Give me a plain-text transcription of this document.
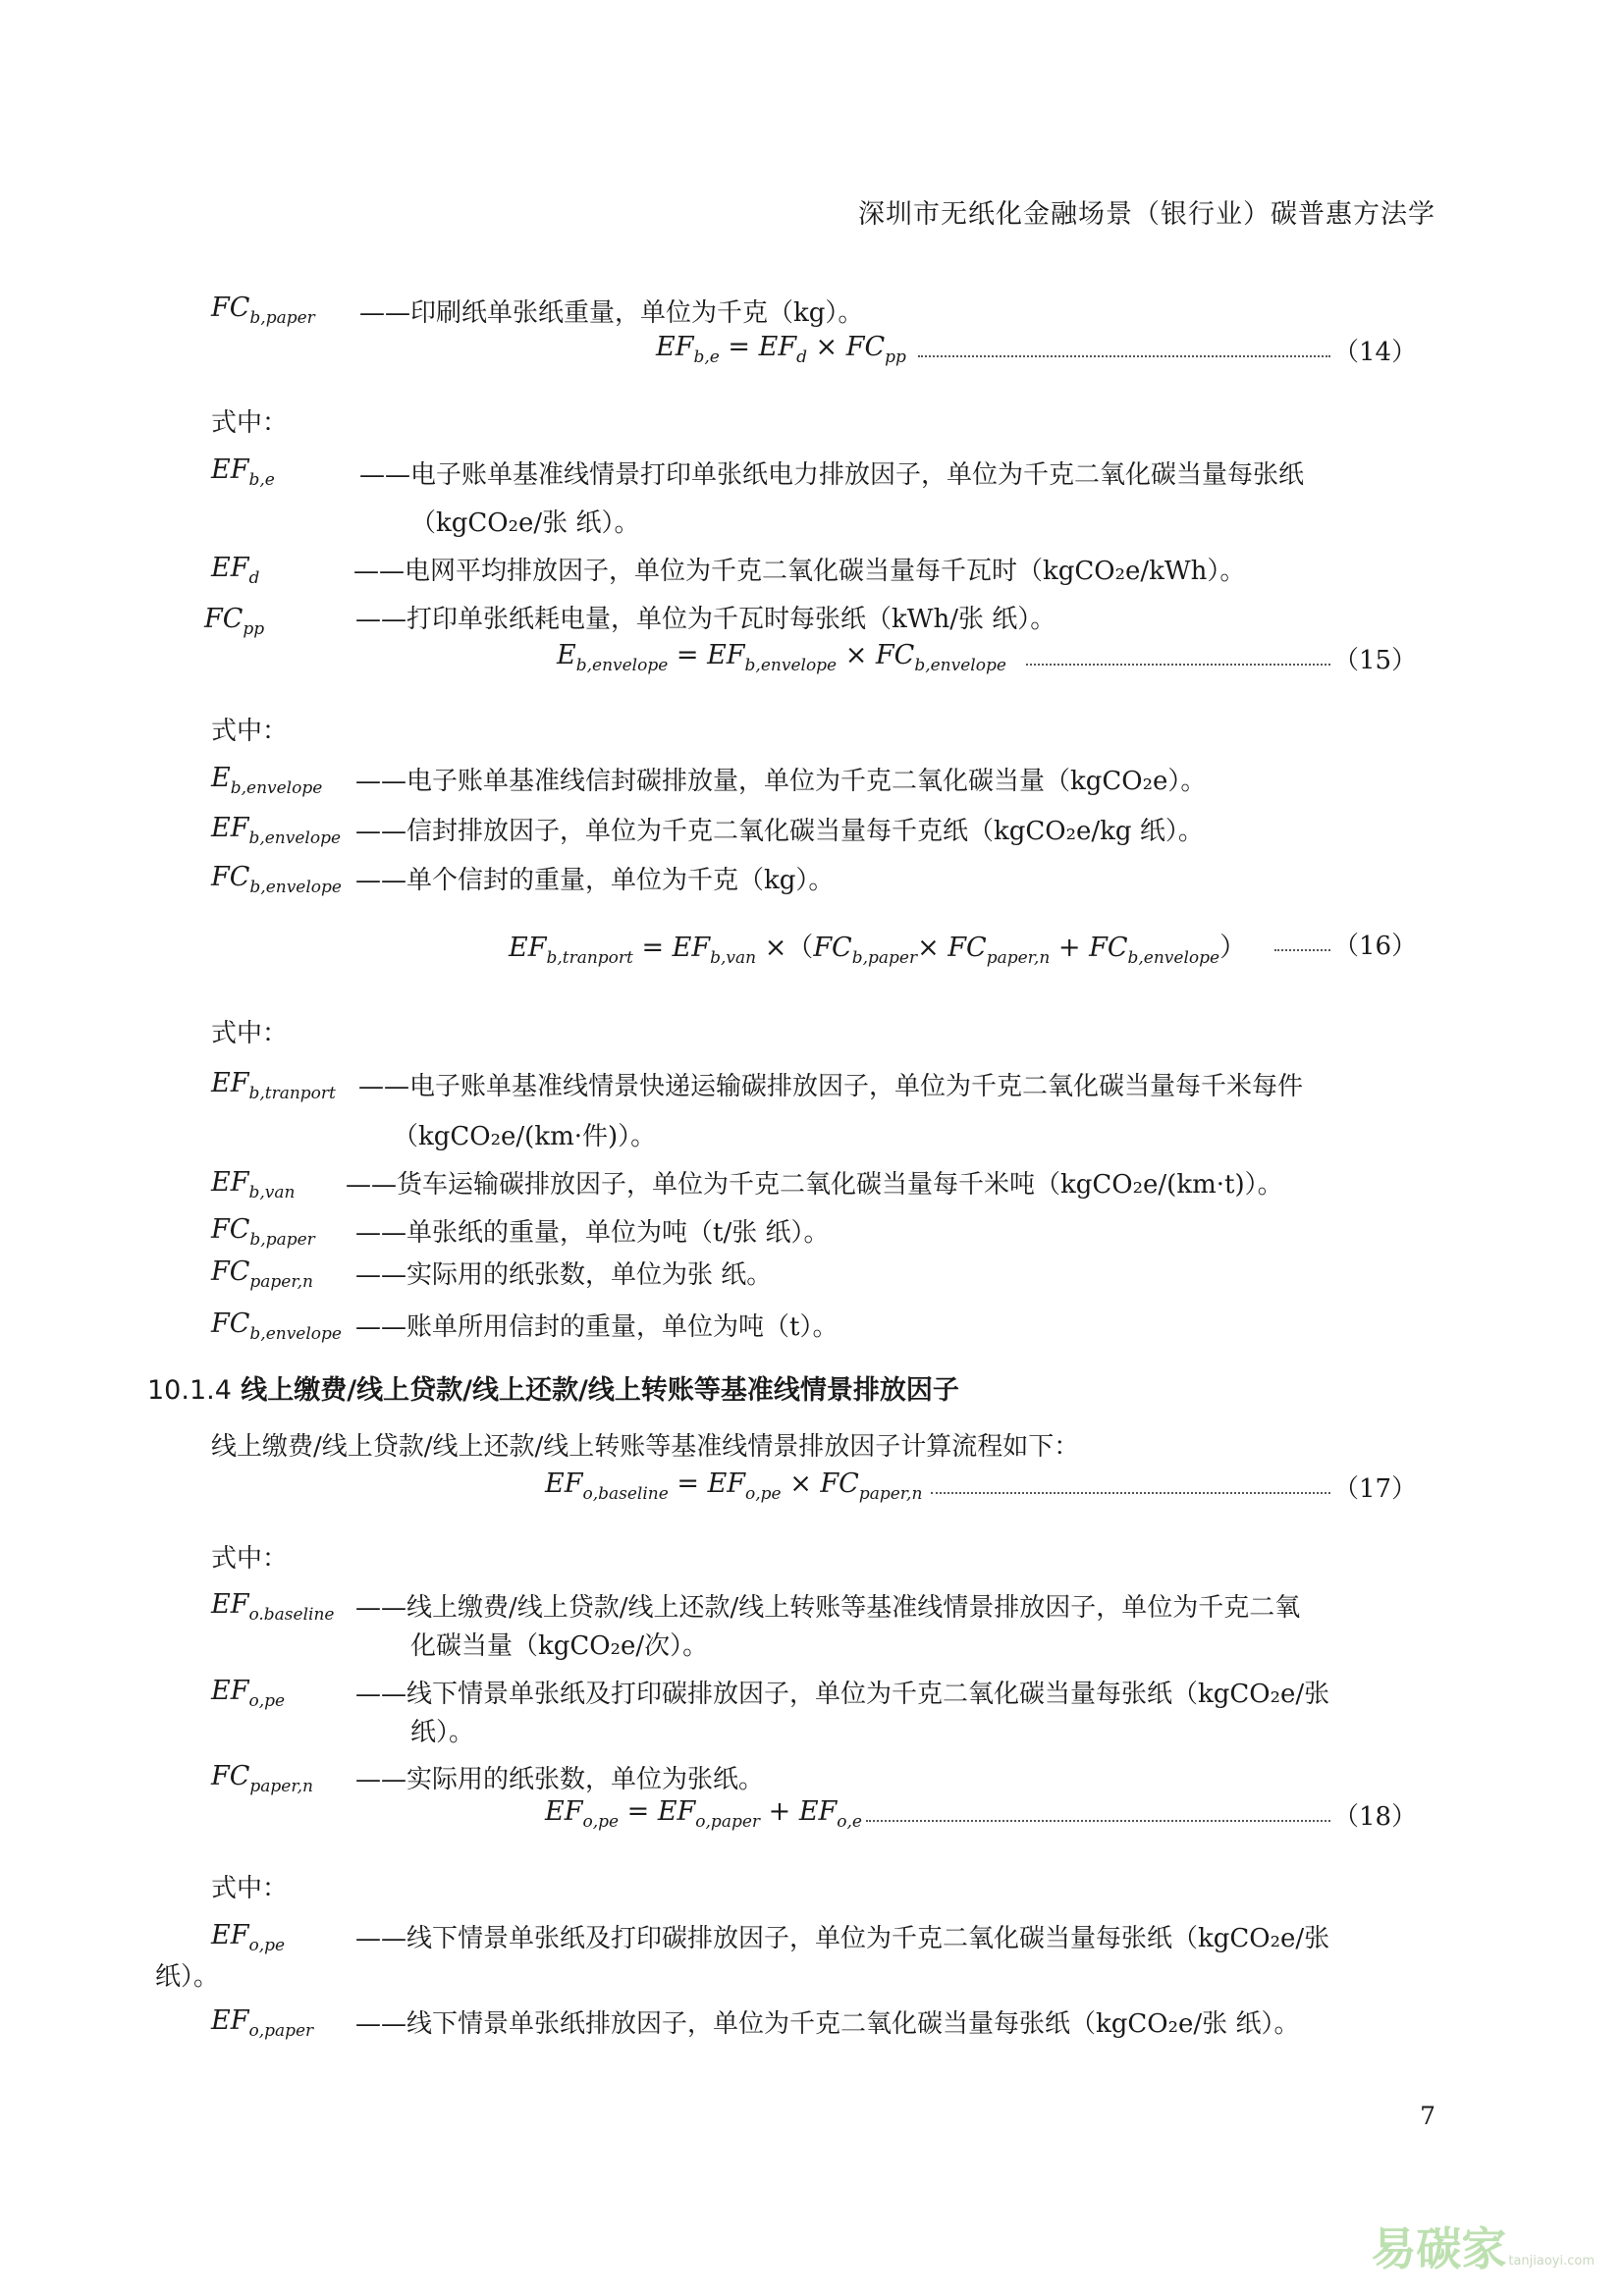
深圳市无纸化金融场景（银行业）碳普惠方法学
$FC_{b,paper}$ ——印刷纸单张纸重量，单位为千克（kg）。
$EF_{b,e} = EF_d \times FC_{pp}$	（14）
式中：
$EF_{b,e}$	——电子账单基准线情景打印单张纸电力排放因子，单位为千克二氧化碳当量每张纸
（kgCO₂e/张 纸）。
$EF_d$	——电网平均排放因子，单位为千克二氧化碳当量每千瓦时（kgCO₂e/kWh）。
$FC_{pp}$	——打印单张纸耗电量，单位为千瓦时每张纸（kWh/张 纸）。
$E_{b,envelope} = EF_{b,envelope} \times FC_{b,envelope}$	（15）
式中：
$E_{b,envelope}$ ——电子账单基准线信封碳排放量，单位为千克二氧化碳当量（kgCO₂e）。
$EF_{b,envelope}$ ——信封排放因子，单位为千克二氧化碳当量每千克纸（kgCO₂e/kg 纸）。
$FC_{b,envelope}$ ——单个信封的重量，单位为千克（kg）。
$EF_{b,tranport} = EF_{b,van} \times(FC_{b,paper}\times FC_{paper,n} + FC_{b,envelope})$	（16）
式中：
$EF_{b,tranport}$ ——电子账单基准线情景快递运输碳排放因子，单位为千克二氧化碳当量每千米每件
（kgCO₂e/(km·件)）。
$EF_{b,van}$ ——货车运输碳排放因子，单位为千克二氧化碳当量每千米吨（kgCO₂e/(km·t)）。
$FC_{b,paper}$ ——单张纸的重量，单位为吨（t/张 纸）。
$FC_{paper,n}$ ——实际用的纸张数，单位为张 纸。
$FC_{b,envelope}$ ——账单所用信封的重量，单位为吨（t）。
10.1.4 线上缴费/线上贷款/线上还款/线上转账等基准线情景排放因子
线上缴费/线上贷款/线上还款/线上转账等基准线情景排放因子计算流程如下：
$EF_{o,baseline} = EF_{o,pe} \times FC_{paper,n}$	（17）
式中：
$EF_{o.baseline}$ ——线上缴费/线上贷款/线上还款/线上转账等基准线情景排放因子，单位为千克二氧
化碳当量（kgCO₂e/次）。
$EF_{o,pe}$	——线下情景单张纸及打印碳排放因子，单位为千克二氧化碳当量每张纸（kgCO₂e/张
纸）。
$FC_{paper,n}$ ——实际用的纸张数，单位为张纸。
$EF_{o,pe} = EF_{o,paper} + EF_{o,e}$	（18）
式中：
$EF_{o,pe}$	——线下情景单张纸及打印碳排放因子，单位为千克二氧化碳当量每张纸（kgCO₂e/张
纸）。
$EF_{o,paper}$ ——线下情景单张纸排放因子，单位为千克二氧化碳当量每张纸（kgCO₂e/张 纸）。
7
易碳家 tanjiaoyi.com
